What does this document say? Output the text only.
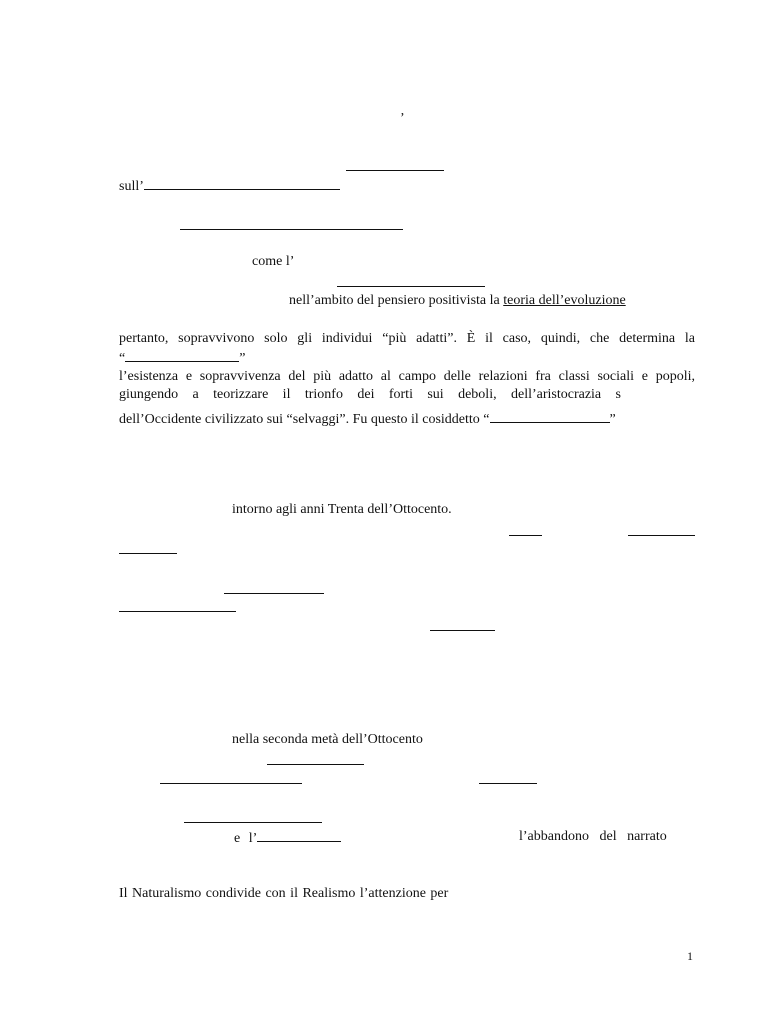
’
sull’
come l’
nell’ambito del pensiero positivista la teoria dell’evoluzione
pertanto, sopravvivono solo gli individui “più adatti”. È il caso, quindi, che determina la
“	”
l’esistenza e sopravvivenza del più adatto al campo delle relazioni fra classi sociali e popoli,
giungendo a teorizzare il trionfo dei forti sui deboli, dell’aristocrazia s
dell’Occidente civilizzato sui “selvaggi”. Fu questo il cosiddetto “	”
intorno agli anni Trenta dell’Ottocento.
nella seconda metà dell’Ottocento
e l’	l’abbandono del narrato
Il Naturalismo condivide con il Realismo l’attenzione per
1
